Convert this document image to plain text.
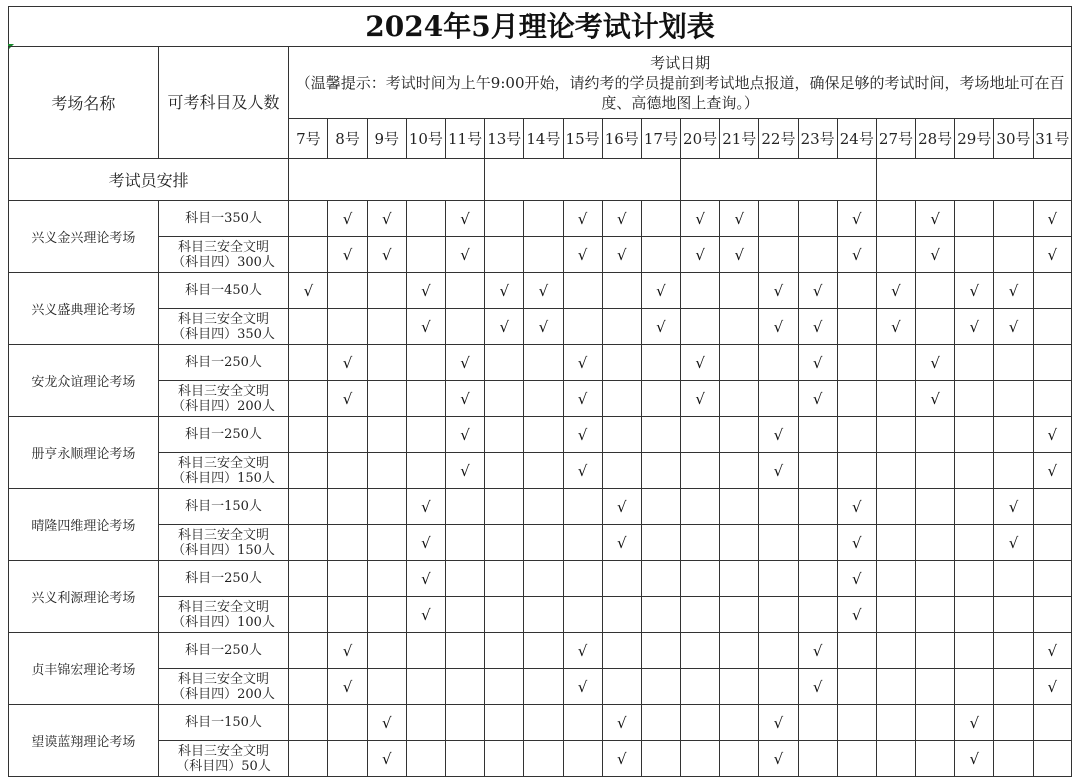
2024年5月理论考试计划表
考场名称	可考科目及人数	考试日期
（温馨提示：考试时间为上午9:00开始，请约考的学员提前到考试地点报道，确保足够的考试时间，考场地址可在百度、高德地图上查询。）																			

		7号	8号	9号	10号	11号	13号	14号	15号	16号	17号	20号	21号	22号	23号	24号	27号	28号	29号	30号	31号
考试员安排																					
兴义金兴理论考场	科目一350人		√	√		√			√	√		√	√			√		√			√

	科目三安全文明
（科目四）300人		√	√		√			√	√		√	√			√		√			√
兴义盛典理论考场	科目一450人	√			√		√	√			√			√	√		√		√	√	

	科目三安全文明
（科目四）350人				√		√	√			√			√	√		√		√	√	
安龙众谊理论考场	科目一250人		√			√			√			√			√			√			

	科目三安全文明
（科目四）200人		√			√			√			√			√			√			
册亨永顺理论考场	科目一250人					√			√					√							√

	科目三安全文明
（科目四）150人					√			√					√							√
晴隆四维理论考场	科目一150人				√					√						√				√	

	科目三安全文明
（科目四）150人				√					√						√				√	
兴义利源理论考场	科目一250人				√											√					

	科目三安全文明
（科目四）100人				√											√					
贞丰锦宏理论考场	科目一250人		√						√						√						√

	科目三安全文明
（科目四）200人		√						√						√						√
望谟蓝翔理论考场	科目一150人			√						√				√					√		

	科目三安全文明
（科目四）50人			√						√				√					√		
